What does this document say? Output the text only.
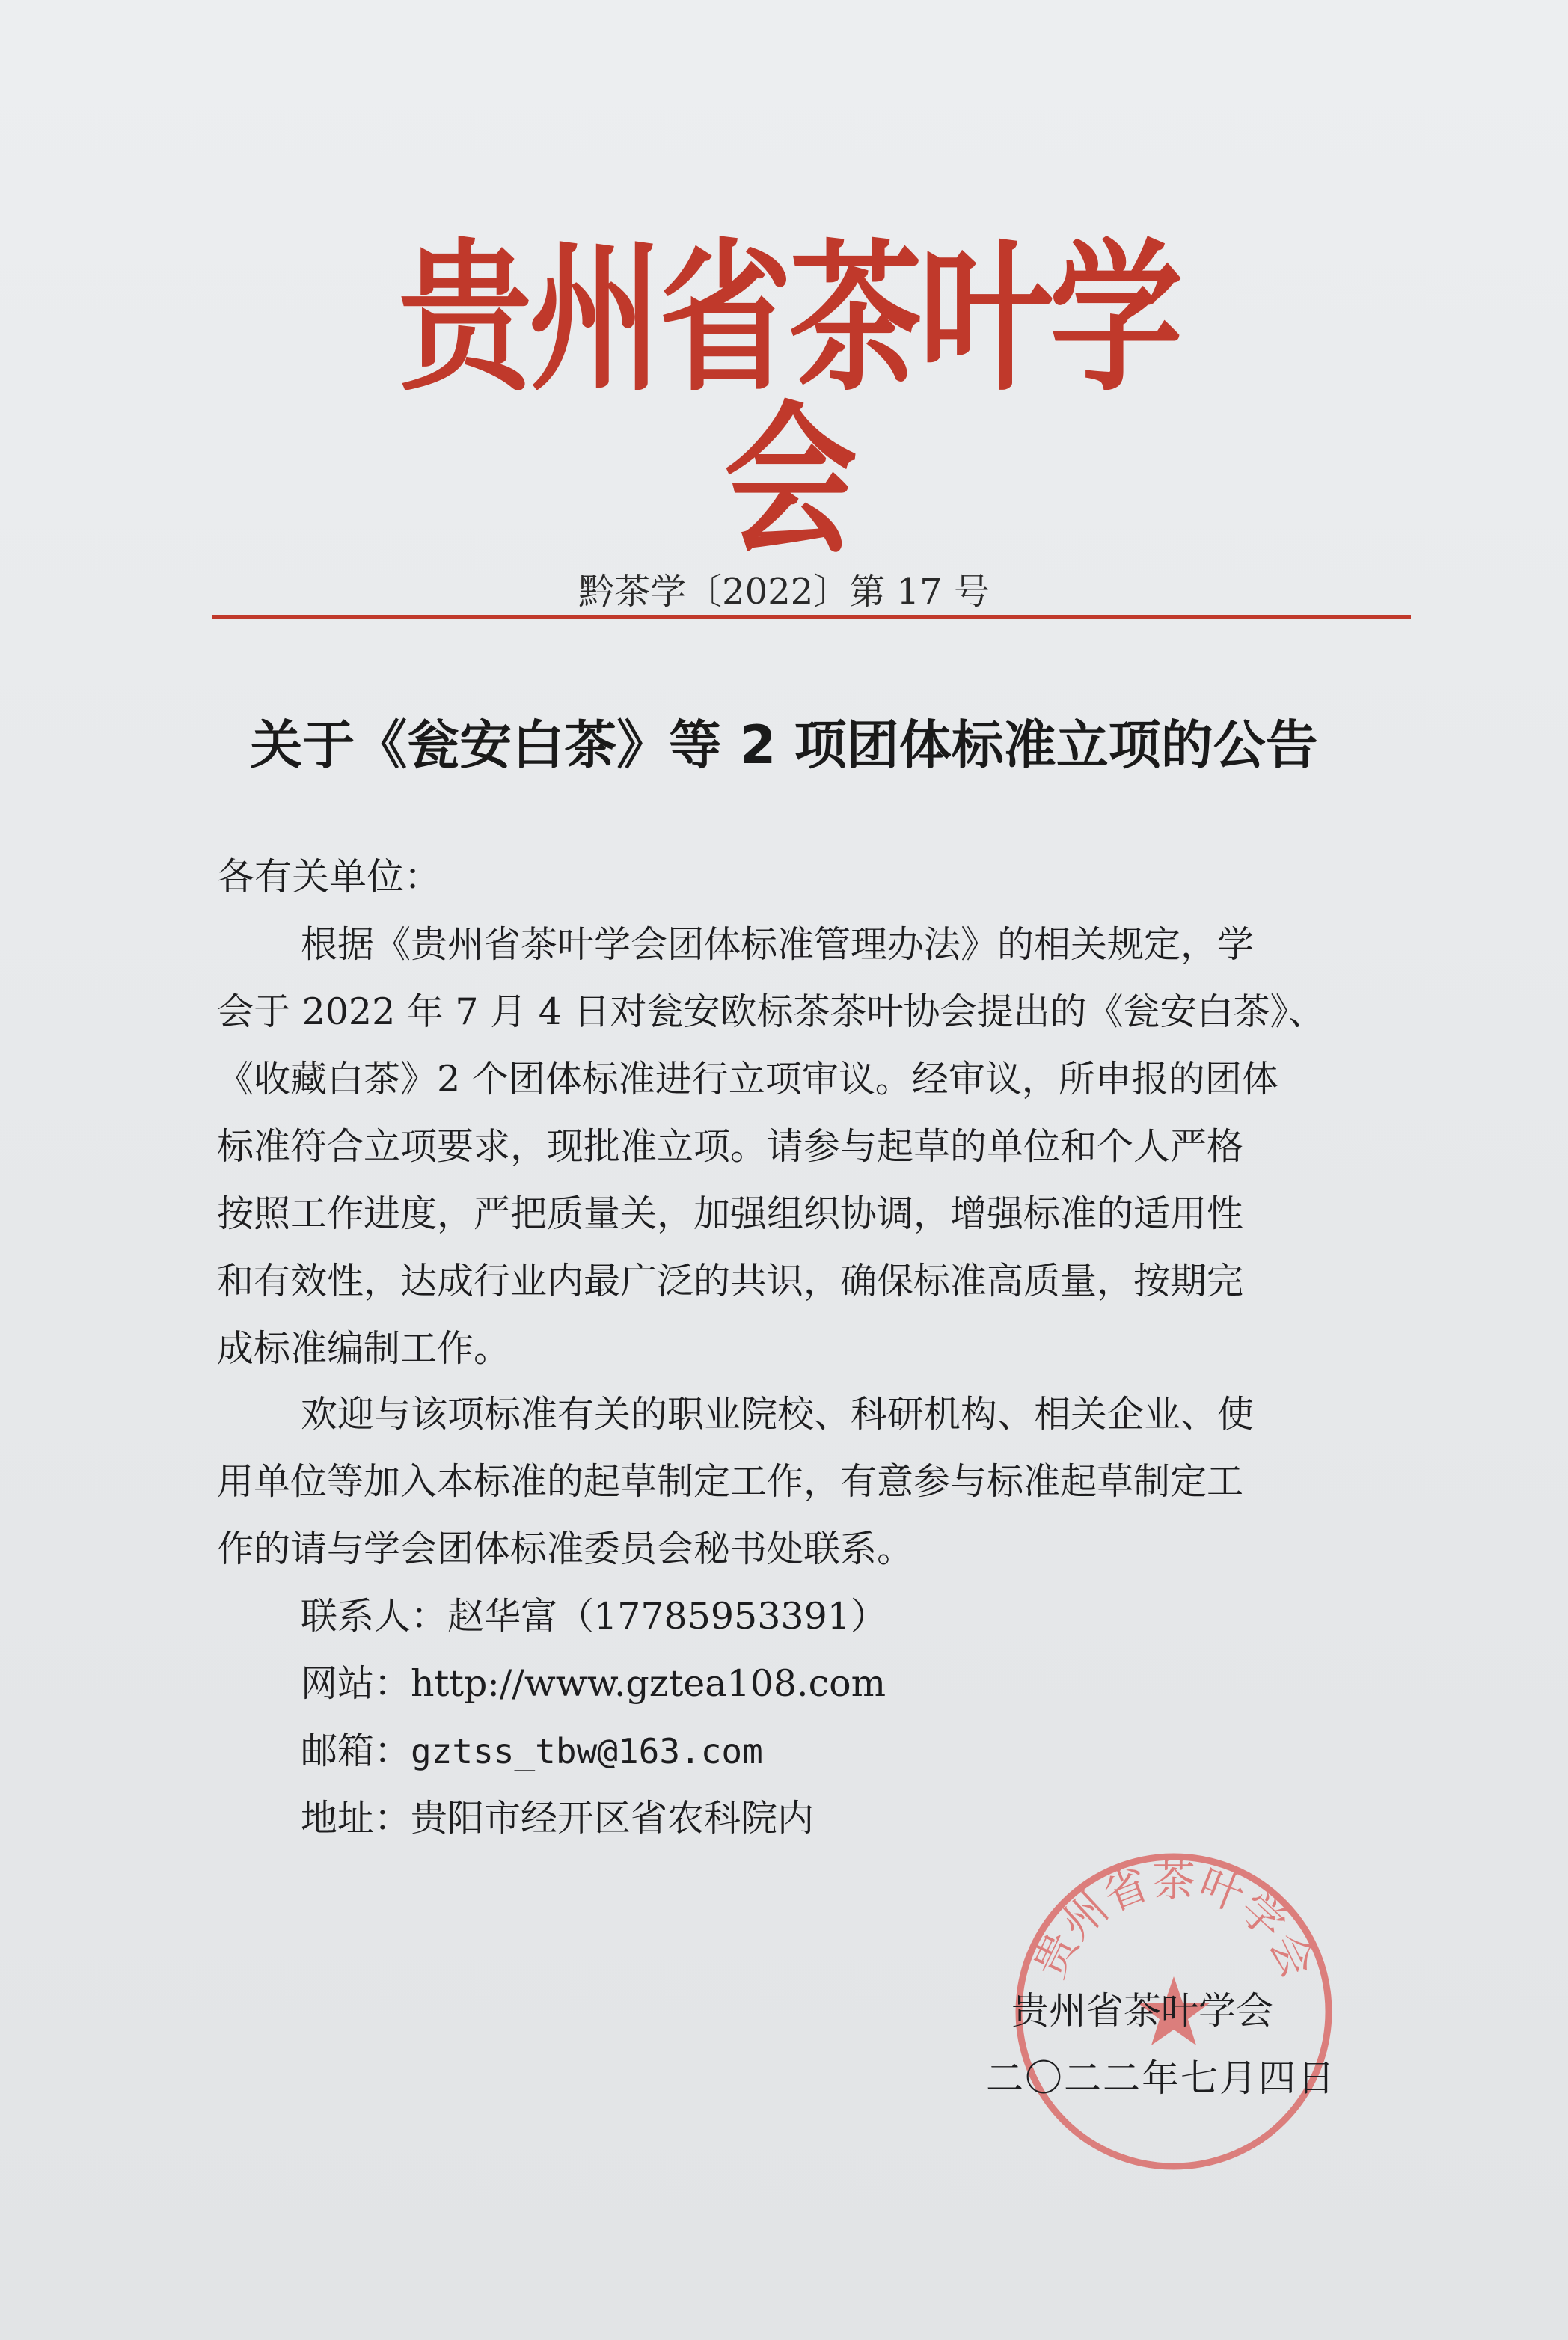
贵州省茶叶学会
黔茶学〔2022〕第 17 号
关于《瓮安白茶》等 2 项团体标准立项的公告
各有关单位：
根据《贵州省茶叶学会团体标准管理办法》的相关规定，学
会于 2022 年 7 月 4 日对瓮安欧标茶茶叶协会提出的《瓮安白茶》、
《收藏白茶》2 个团体标准进行立项审议。经审议，所申报的团体
标准符合立项要求，现批准立项。请参与起草的单位和个人严格
按照工作进度，严把质量关，加强组织协调，增强标准的适用性
和有效性，达成行业内最广泛的共识，确保标准高质量，按期完
成标准编制工作。
欢迎与该项标准有关的职业院校、科研机构、相关企业、使
用单位等加入本标准的起草制定工作，有意参与标准起草制定工
作的请与学会团体标准委员会秘书处联系。
联系人：赵华富（17785953391）
网站：http://www.gztea108.com
邮箱：gztss_tbw@163.com
地址：贵阳市经开区省农科院内
贵州省茶叶学会
贵州省茶叶学会
二〇二二年七月四日
